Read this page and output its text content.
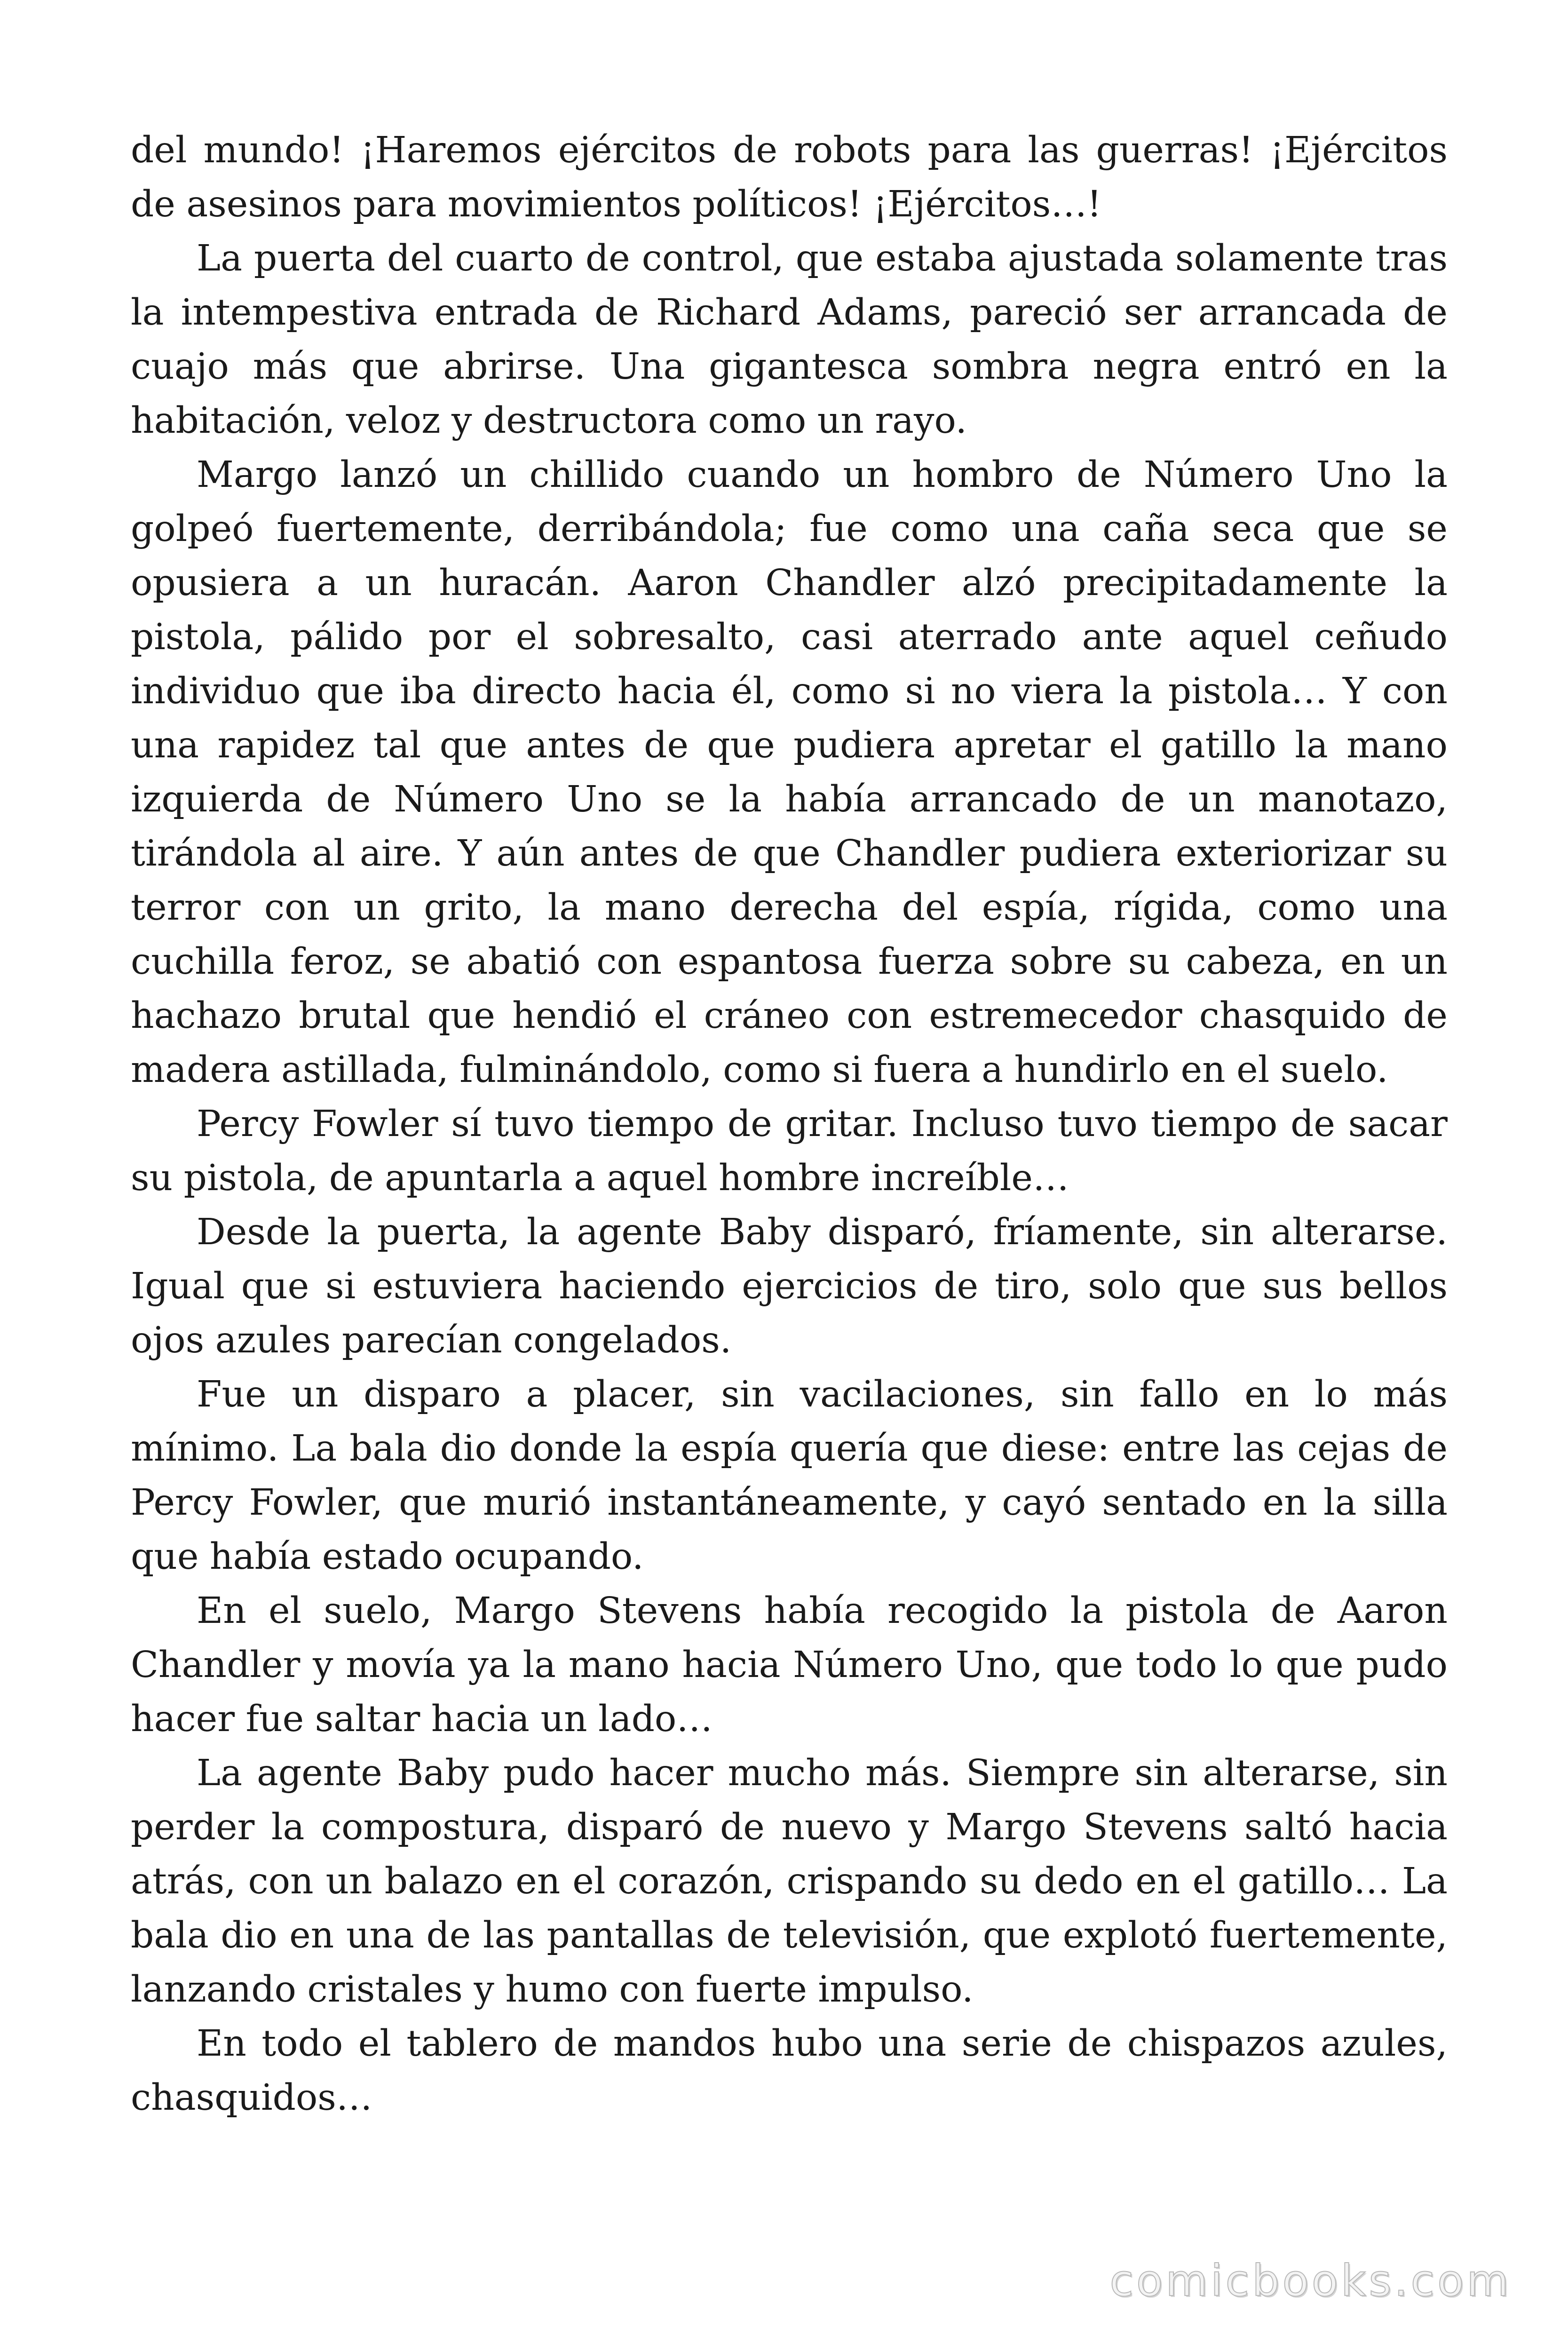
del mundo! ¡Haremos ejércitos de robots para las guerras! ¡Ejércitos de asesinos para movimientos políticos! ¡Ejércitos…!

La puerta del cuarto de control, que estaba ajustada solamente tras la intempestiva entrada de Richard Adams, pareció ser arrancada de cuajo más que abrirse. Una gigantesca sombra negra entró en la habitación, veloz y destructora como un rayo.

Margo lanzó un chillido cuando un hombro de Número Uno la golpeó fuertemente, derribándola; fue como una caña seca que se opusiera a un huracán. Aaron Chandler alzó precipitadamente la pistola, pálido por el sobresalto, casi aterrado ante aquel ceñudo individuo que iba directo hacia él, como si no viera la pistola… Y con una rapidez tal que antes de que pudiera apretar el gatillo la mano izquierda de Número Uno se la había arrancado de un manotazo, tirándola al aire. Y aún antes de que Chandler pudiera exteriorizar su terror con un grito, la mano derecha del espía, rígida, como una cuchilla feroz, se abatió con espantosa fuerza sobre su cabeza, en un hachazo brutal que hendió el cráneo con estremecedor chasquido de madera astillada, fulminándolo, como si fuera a hundirlo en el suelo.

Percy Fowler sí tuvo tiempo de gritar. Incluso tuvo tiempo de sacar su pistola, de apuntarla a aquel hombre increíble…

Desde la puerta, la agente Baby disparó, fríamente, sin alterarse. Igual que si estuviera haciendo ejercicios de tiro, solo que sus bellos ojos azules parecían congelados.

Fue un disparo a placer, sin vacilaciones, sin fallo en lo más mínimo. La bala dio donde la espía quería que diese: entre las cejas de Percy Fowler, que murió instantáneamente, y cayó sentado en la silla que había estado ocupando.

En el suelo, Margo Stevens había recogido la pistola de Aaron Chandler y movía ya la mano hacia Número Uno, que todo lo que pudo hacer fue saltar hacia un lado…

La agente Baby pudo hacer mucho más. Siempre sin alterarse, sin perder la compostura, disparó de nuevo y Margo Stevens saltó hacia atrás, con un balazo en el corazón, crispando su dedo en el gatillo… La bala dio en una de las pantallas de televisión, que explotó fuertemente, lanzando cristales y humo con fuerte impulso.

En todo el tablero de mandos hubo una serie de chispazos azules, chasquidos…

comicbooks.com
